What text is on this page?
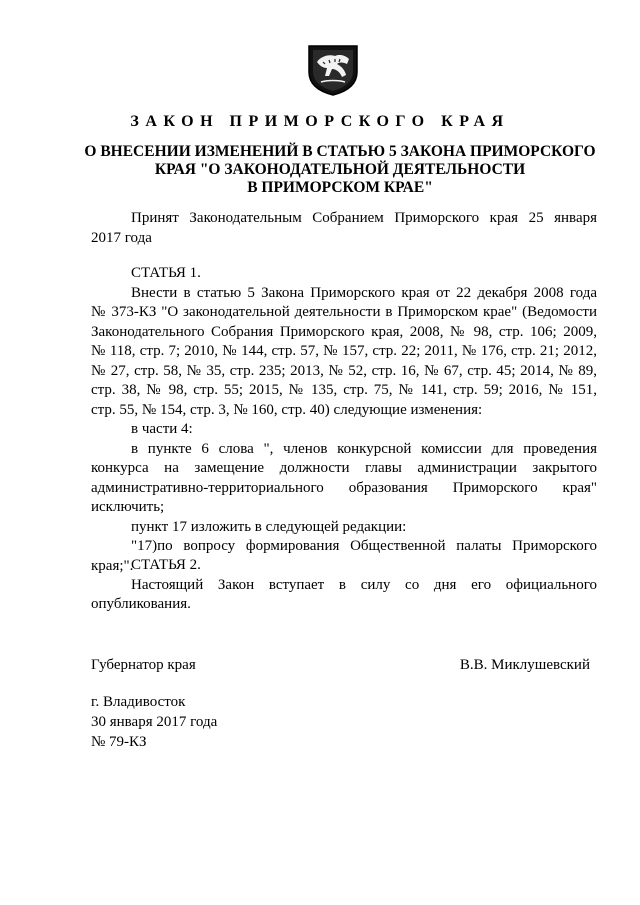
ЗАКОН ПРИМОРСКОГО КРАЯ
О ВНЕСЕНИИ ИЗМЕНЕНИЙ В СТАТЬЮ 5 ЗАКОНА ПРИМОРСКОГО
КРАЯ "О ЗАКОНОДАТЕЛЬНОЙ ДЕЯТЕЛЬНОСТИ
В ПРИМОРСКОМ КРАЕ"
Принят Законодательным Собранием Приморского края 25 января
2017 года
СТАТЬЯ 1.
Внести в статью 5 Закона Приморского края от 22 декабря 2008 года
№ 373-КЗ "О законодательной деятельности в Приморском крае" (Ведомости
Законодательного Собрания Приморского края, 2008, № 98, стр. 106; 2009,
№ 118, стр. 7; 2010, № 144, стр. 57, № 157, стр. 22; 2011, № 176, стр. 21; 2012,
№ 27, стр. 58, № 35, стр. 235; 2013, № 52, стр. 16, № 67, стр. 45; 2014, № 89,
стр. 38, № 98, стр. 55; 2015, № 135, стр. 75, № 141, стр. 59; 2016, № 151,
стр. 55, № 154, стр. 3, № 160, стр. 40) следующие изменения:
в части 4:
в пункте 6 слова ", членов конкурсной комиссии для проведения
конкурса на замещение должности главы администрации закрытого
административно-территориального образования Приморского края"
исключить;
пункт 17 изложить в следующей редакции:
"17)по вопросу формирования Общественной палаты Приморского
края;".
СТАТЬЯ 2.
Настоящий Закон вступает в силу со дня его официального
опубликования.
Губернатор края	В.В. Миклушевский
г. Владивосток
30 января 2017 года
№ 79-КЗ
